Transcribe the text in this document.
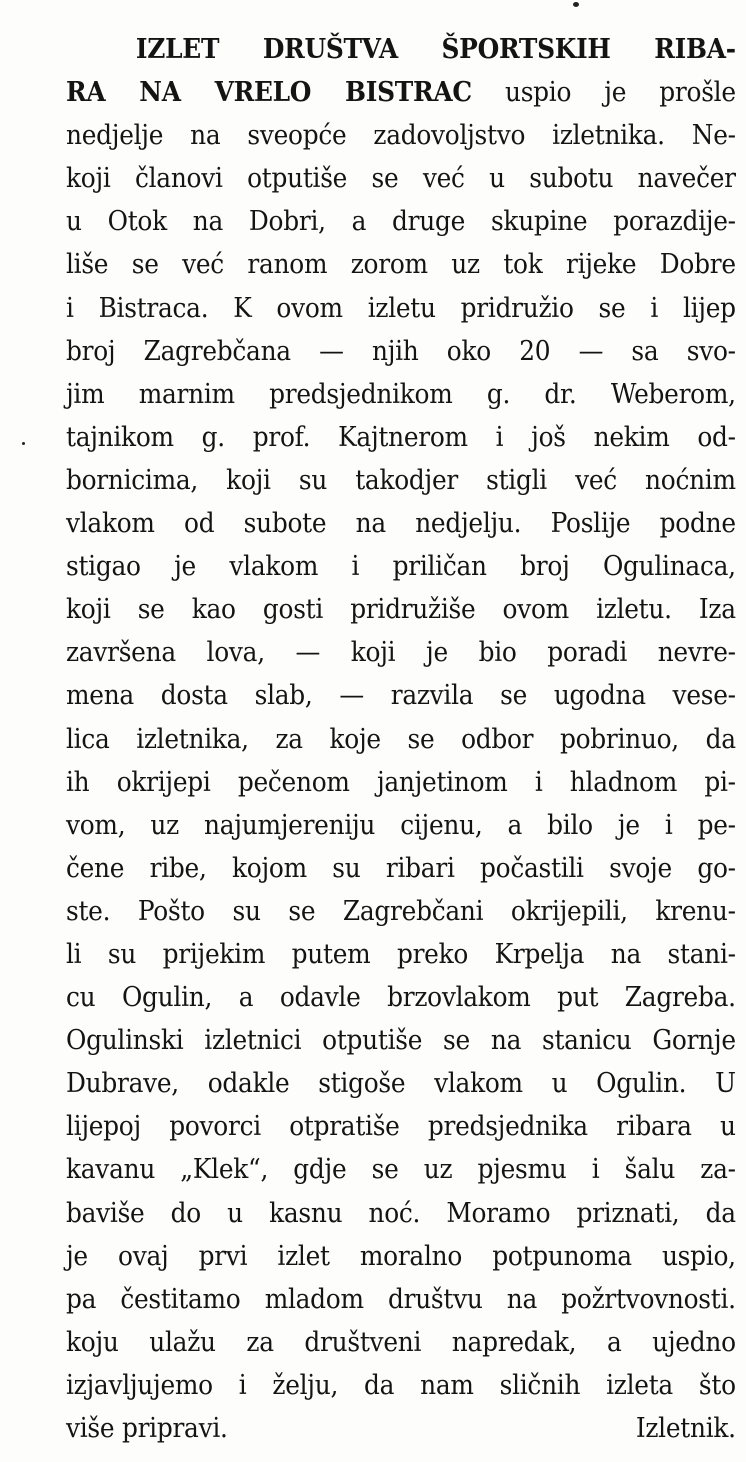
IZLET DRUŠTVA ŠPORTSKIH RIBA-
RA NA VRELO BISTRAC uspio je prošle
nedjelje na sveopće zadovoljstvo izletnika. Ne-
koji članovi otputiše se već u subotu navečer
u Otok na Dobri, a druge skupine porazdije-
liše se već ranom zorom uz tok rijeke Dobre
i Bistraca. K ovom izletu pridružio se i lijep
broj Zagrebčana — njih oko 20 — sa svo-
jim marnim predsjednikom g. dr. Weberom,
tajnikom g. prof. Kajtnerom i još nekim od-
bornicima, koji su takodjer stigli već noćnim
vlakom od subote na nedjelju. Poslije podne
stigao je vlakom i priličan broj Ogulinaca,
koji se kao gosti pridružiše ovom izletu. Iza
završena lova, — koji je bio poradi nevre-
mena dosta slab, — razvila se ugodna vese-
lica izletnika, za koje se odbor pobrinuo, da
ih okrijepi pečenom janjetinom i hladnom pi-
vom, uz najumjereniju cijenu, a bilo je i pe-
čene ribe, kojom su ribari počastili svoje go-
ste. Pošto su se Zagrebčani okrijepili, krenu-
li su prijekim putem preko Krpelja na stani-
cu Ogulin, a odavle brzovlakom put Zagreba.
Ogulinski izletnici otputiše se na stanicu Gornje
Dubrave, odakle stigoše vlakom u Ogulin. U
lijepoj povorci otpratiše predsjednika ribara u
kavanu „Klek“, gdje se uz pjesmu i šalu za-
baviše do u kasnu noć. Moramo priznati, da
je ovaj prvi izlet moralno potpunoma uspio,
pa čestitamo mladom društvu na požrtvovnosti.
koju ulažu za društveni napredak, a ujedno
izjavljujemo i želju, da nam sličnih izleta što
više pripravi.	Izletnik.
